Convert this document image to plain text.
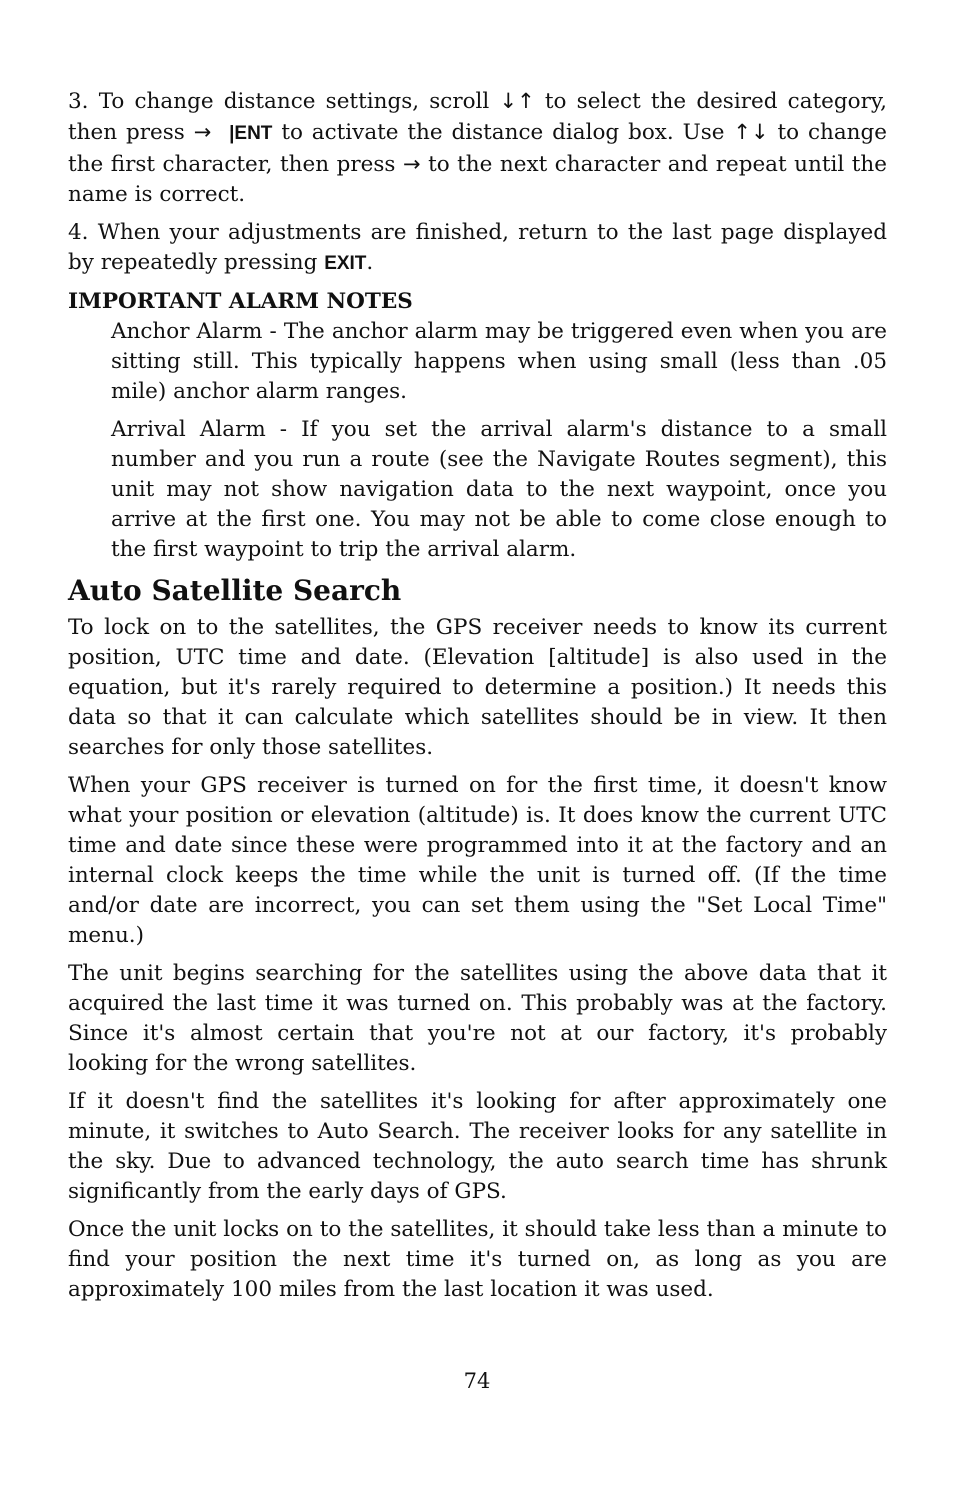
3. To change distance settings, scroll ↓↑ to select the desired category, then press → |ENT to activate the distance dialog box. Use ↑↓ to change the first character, then press → to the next character and repeat until the name is correct.

4. When your adjustments are finished, return to the last page displayed by repeatedly pressing EXIT.

IMPORTANT ALARM NOTES

Anchor Alarm - The anchor alarm may be triggered even when you are sitting still. This typically happens when using small (less than .05 mile) anchor alarm ranges.

Arrival Alarm - If you set the arrival alarm's distance to a small number and you run a route (see the Navigate Routes segment), this unit may not show navigation data to the next waypoint, once you arrive at the first one. You may not be able to come close enough to the first waypoint to trip the arrival alarm.

Auto Satellite Search

To lock on to the satellites, the GPS receiver needs to know its current position, UTC time and date. (Elevation [altitude] is also used in the equation, but it's rarely required to determine a position.) It needs this data so that it can calculate which satellites should be in view. It then searches for only those satellites.

When your GPS receiver is turned on for the first time, it doesn't know what your position or elevation (altitude) is. It does know the current UTC time and date since these were programmed into it at the factory and an internal clock keeps the time while the unit is turned off. (If the time and/or date are incorrect, you can set them using the "Set Local Time" menu.)

The unit begins searching for the satellites using the above data that it acquired the last time it was turned on. This probably was at the factory. Since it's almost certain that you're not at our factory, it's probably looking for the wrong satellites.

If it doesn't find the satellites it's looking for after approximately one minute, it switches to Auto Search. The receiver looks for any satellite in the sky. Due to advanced technology, the auto search time has shrunk significantly from the early days of GPS.

Once the unit locks on to the satellites, it should take less than a minute to find your position the next time it's turned on, as long as you are approximately 100 miles from the last location it was used.

74
